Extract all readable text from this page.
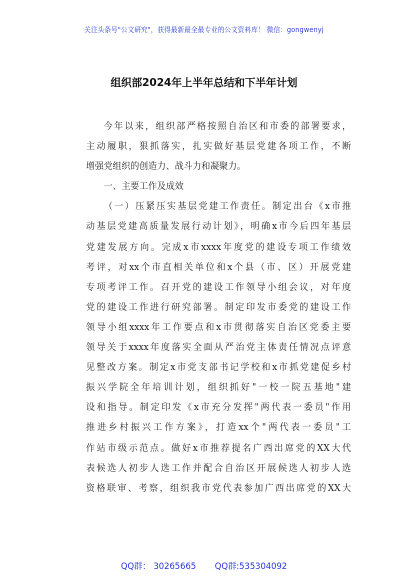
关注头条号"公文研究"，获得最新最全最专业的公文资料库！ 微信：gongwenyj
组织部2024年上半年总结和下半年计划

今年以来，组织部严格按照自治区和市委的部署要求，
主动履职，狠抓落实，扎实做好基层党建各项工作，不断
增强党组织的创造力、战斗力和凝聚力。

一、主要工作及成效

（一）压紧压实基层党建工作责任。制定出台《x市推
动基层党建高质量发展行动计划》，明确x市今后四年基层
党建发展方向。完成x市xxxx年度党的建设专项工作绩效
考评，对xx个市直相关单位和x个县（市、区）开展党建
专项考评工作。召开党的建设工作领导小组会议，对年度
党的建设工作进行研究部署。制定印发市委党的建设工作
领导小组xxxx年工作要点和x市贯彻落实自治区党委主要
领导关于xxxx年度落实全面从严治党主体责任情况点评意
见整改方案。制定x市党支部书记学校和x市抓党建促乡村
振兴学院全年培训计划，组织抓好"一校一院五基地"建
设和指导。制定印发《x市充分发挥"两代表一委员"作用
推进乡村振兴工作方案》，打造xx个"两代表一委员"工
作站市级示范点。做好x市推荐提名广西出席党的XX大代
表候选人初步人选工作并配合自治区开展候选人初步人选
资格联审、考察，组织我市党代表参加广西出席党的XX大

QQ群： 30265665 QQ群:535304092
